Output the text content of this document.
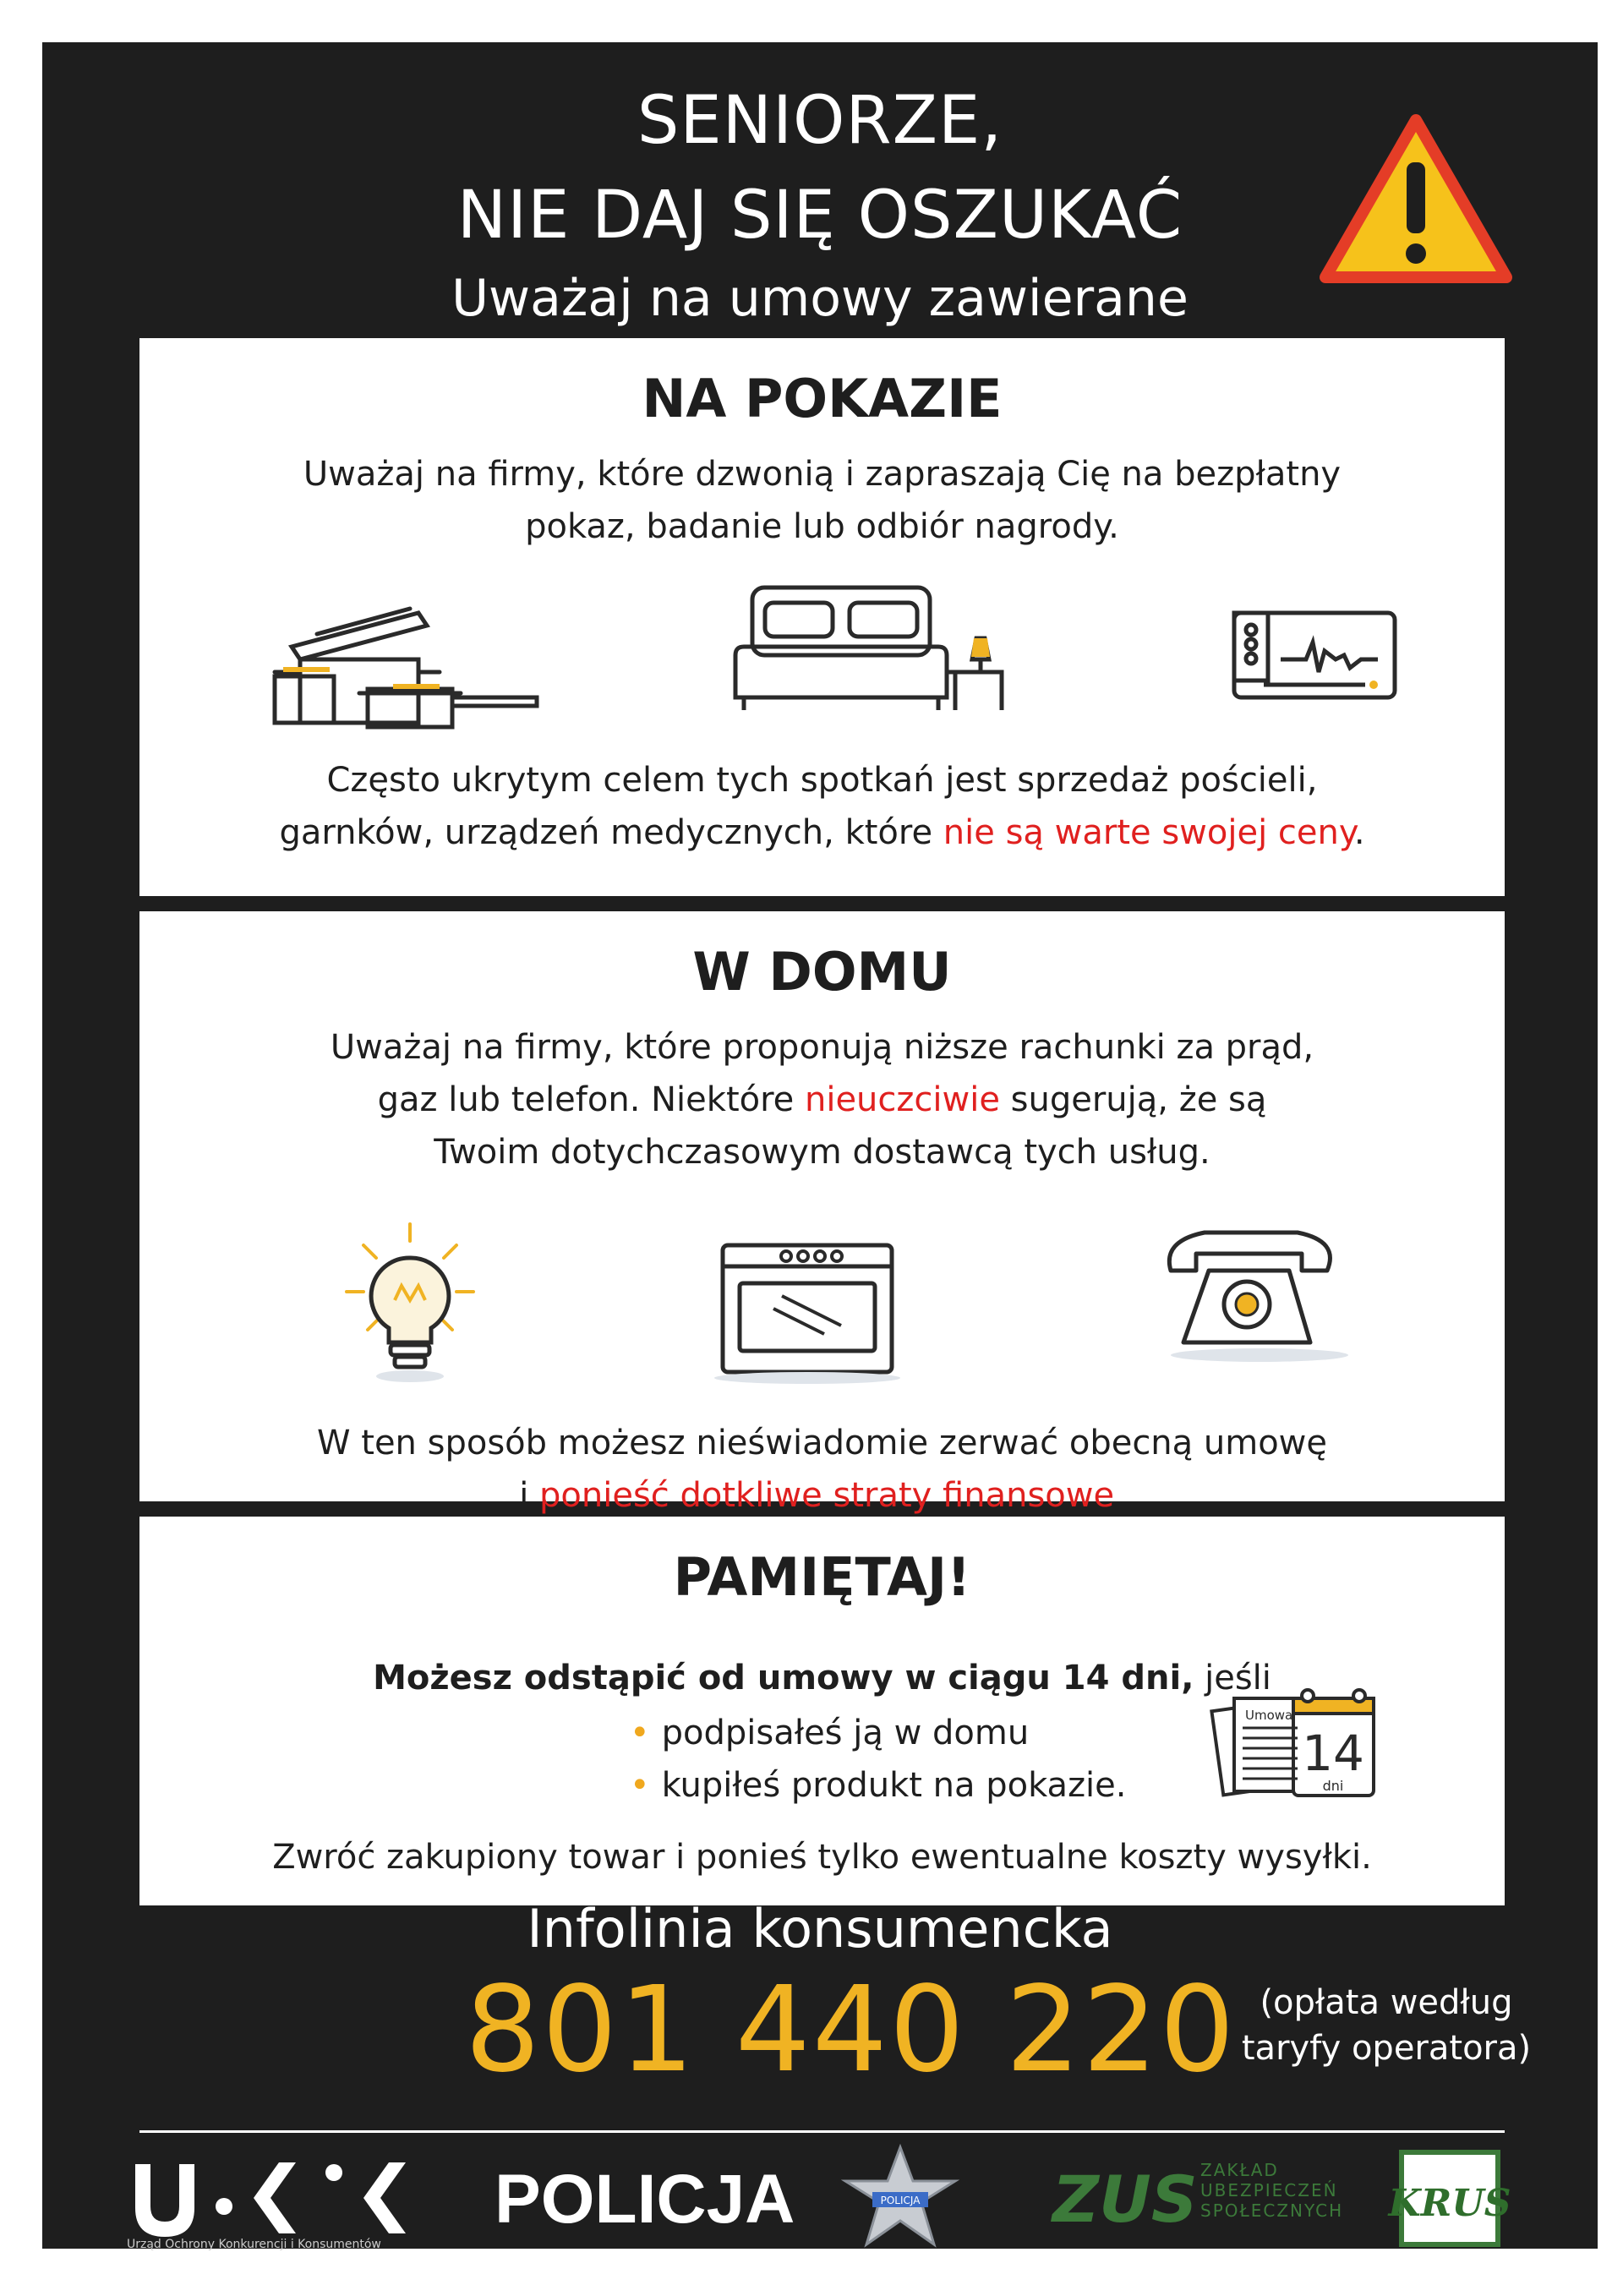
SENIORZE,
NIE DAJ SIĘ OSZUKAĆ
Uważaj na umowy zawierane
NA POKAZIE
Uważaj na firmy, które dzwonią i zapraszają Cię na bezpłatny
pokaz, badanie lub odbiór nagrody.
Często ukrytym celem tych spotkań jest sprzedaż pościeli,
garnków, urządzeń medycznych, które nie są warte swojej ceny.
W DOMU
Uważaj na firmy, które proponują niższe rachunki za prąd,
gaz lub telefon. Niektóre nieuczciwie sugerują, że są
Twoim dotychczasowym dostawcą tych usług.
W ten sposób możesz nieświadomie zerwać obecną umowę
i ponieść dotkliwe straty finansowe.
PAMIĘTAJ!
Możesz odstąpić od umowy w ciągu 14 dni, jeśli
• podpisałeś ją w domu
• kupiłeś produkt na pokazie.
Umowa
14
dni
Zwróć zakupiony towar i ponieś tylko ewentualne koszty wysyłki.
Infolinia konsumencka
801 440 220 (opłata według
taryfy operatora)
Urząd Ochrony Konkurencji i Konsumentów
POLICJA	POLICJA ZUS ZAKŁAD
UBEZPIECZEŃ
SPOŁECZNYCH KRUS
